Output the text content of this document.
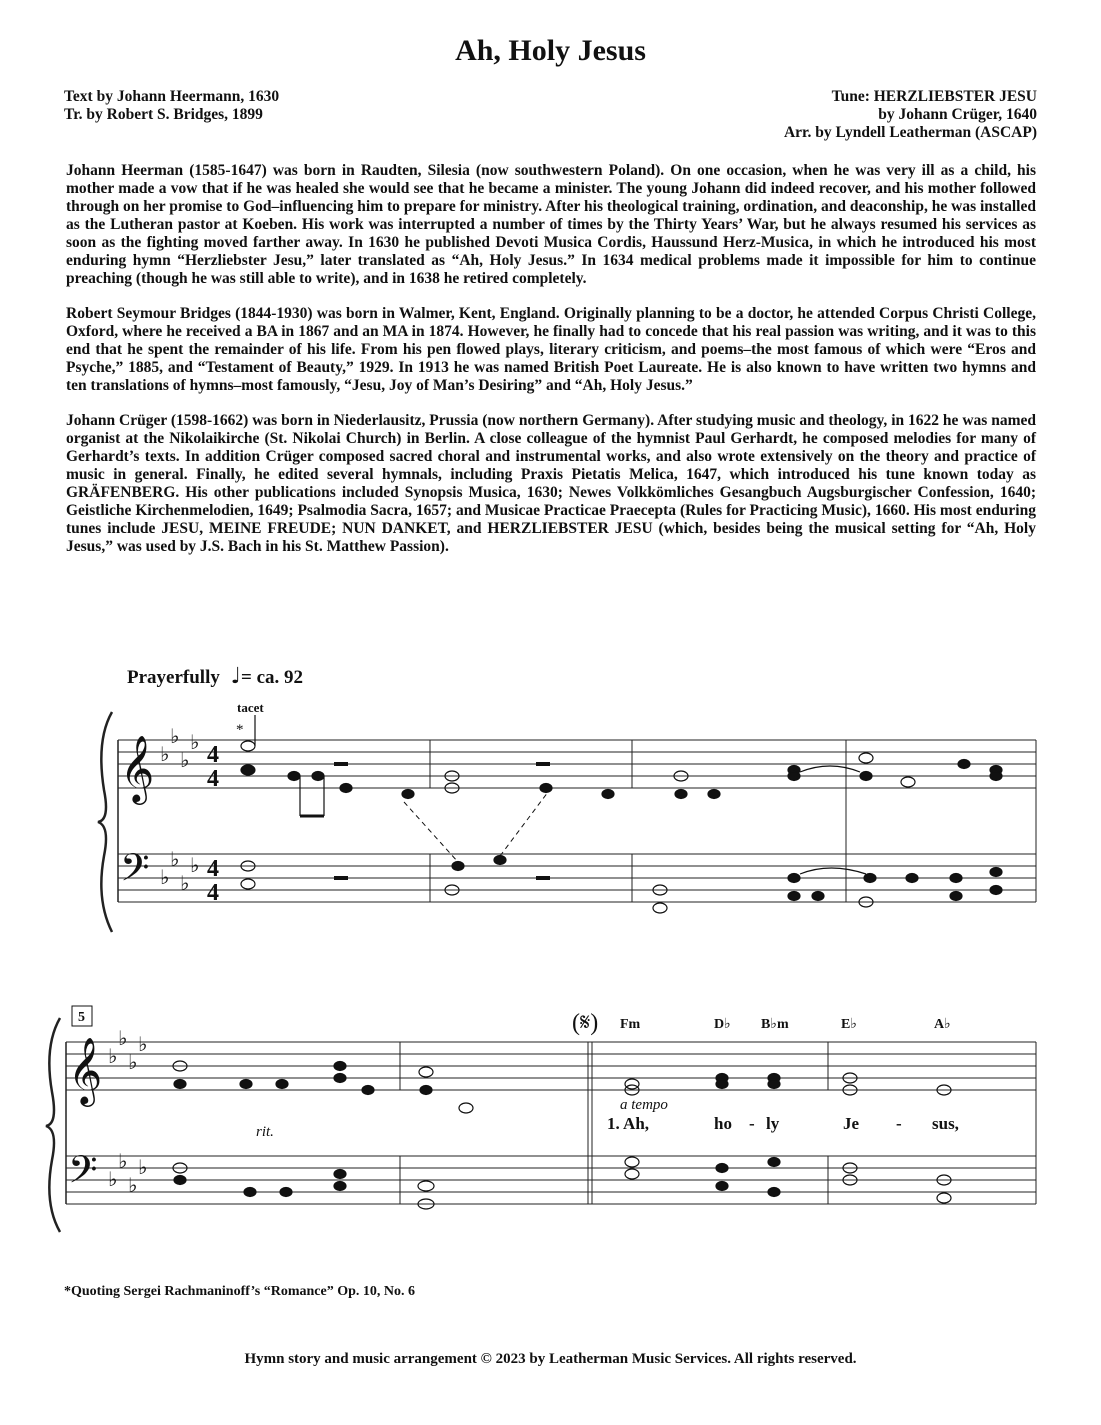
Ah, Holy Jesus
Text by Johann Heermann, 1630
Tr. by Robert S. Bridges, 1899
Tune: HERZLIEBSTER JESU
by Johann Crüger, 1640
Arr. by Lyndell Leatherman (ASCAP)

Johann Heerman (1585-1647) was born in Raudten, Silesia (now southwestern Poland). On one occasion, when he was very ill as a child, his mother made a vow that if he was healed she would see that he became a minister. The young Johann did indeed recover, and his mother followed through on her promise to God–influencing him to prepare for ministry. After his theological training, ordination, and deaconship, he was installed as the Lutheran pastor at Koeben. His work was interrupted a number of times by the Thirty Years’ War, but he always resumed his services as soon as the fighting moved farther away. In 1630 he published Devoti Musica Cordis, Haussund Herz-Musica, in which he introduced his most enduring hymn “Herzliebster Jesu,” later translated as “Ah, Holy Jesus.” In 1634 medical problems made it impossible for him to continue preaching (though he was still able to write), and in 1638 he retired completely.

Robert Seymour Bridges (1844-1930) was born in Walmer, Kent, England. Originally planning to be a doctor, he attended Corpus Christi College, Oxford, where he received a BA in 1867 and an MA in 1874. However, he finally had to concede that his real passion was writing, and it was to this end that he spent the remainder of his life. From his pen flowed plays, literary criticism, and poems–the most famous of which were “Eros and Psyche,” 1885, and “Testament of Beauty,” 1929. In 1913 he was named British Poet Laureate. He is also known to have written two hymns and ten translations of hymns–most famously, “Jesu, Joy of Man’s Desiring” and “Ah, Holy Jesus.”

Johann Crüger (1598-1662) was born in Niederlausitz, Prussia (now northern Germany). After studying music and theology, in 1622 he was named organist at the Nikolaikirche (St. Nikolai Church) in Berlin. A close colleague of the hymnist Paul Gerhardt, he composed melodies for many of Gerhardt’s texts. In addition Crüger composed sacred choral and instrumental works, and also wrote extensively on the theory and practice of music in general. Finally, he edited several hymnals, including Praxis Pietatis Melica, 1647, which introduced his tune known today as GRÄFENBERG. His other publications included Synopsis Musica, 1630; Newes Volkkömliches Gesangbuch Augsburgischer Confession, 1640; Geistliche Kirchenmelodien, 1649; Psalmodia Sacra, 1657; and Musicae Practicae Praecepta (Rules for Practicing Music), 1660. His most enduring tunes include JESU, MEINE FREUDE; NUN DANKET, and HERZLIEBSTER JESU (which, besides being the musical setting for “Ah, Holy Jesus,” was used by J.S. Bach in his St. Matthew Passion).

Prayerfully ♩= ca. 92
𝄞
𝄢
𝄞
𝄢
♭
♭
♭
♭
♭
♭
♭
♭
♭
♭
♭
♭
♭
♭
♭
♭
4
4
4
4
tacet
*
5	(𝄋) Fm	D♭ B♭m	E♭	A♭
a tempo
rit.	1. Ah,	ho - ly	Je - sus,
*Quoting Sergei Rachmaninoff’s “Romance” Op. 10, No. 6
Hymn story and music arrangement © 2023 by Leatherman Music Services. All rights reserved.
